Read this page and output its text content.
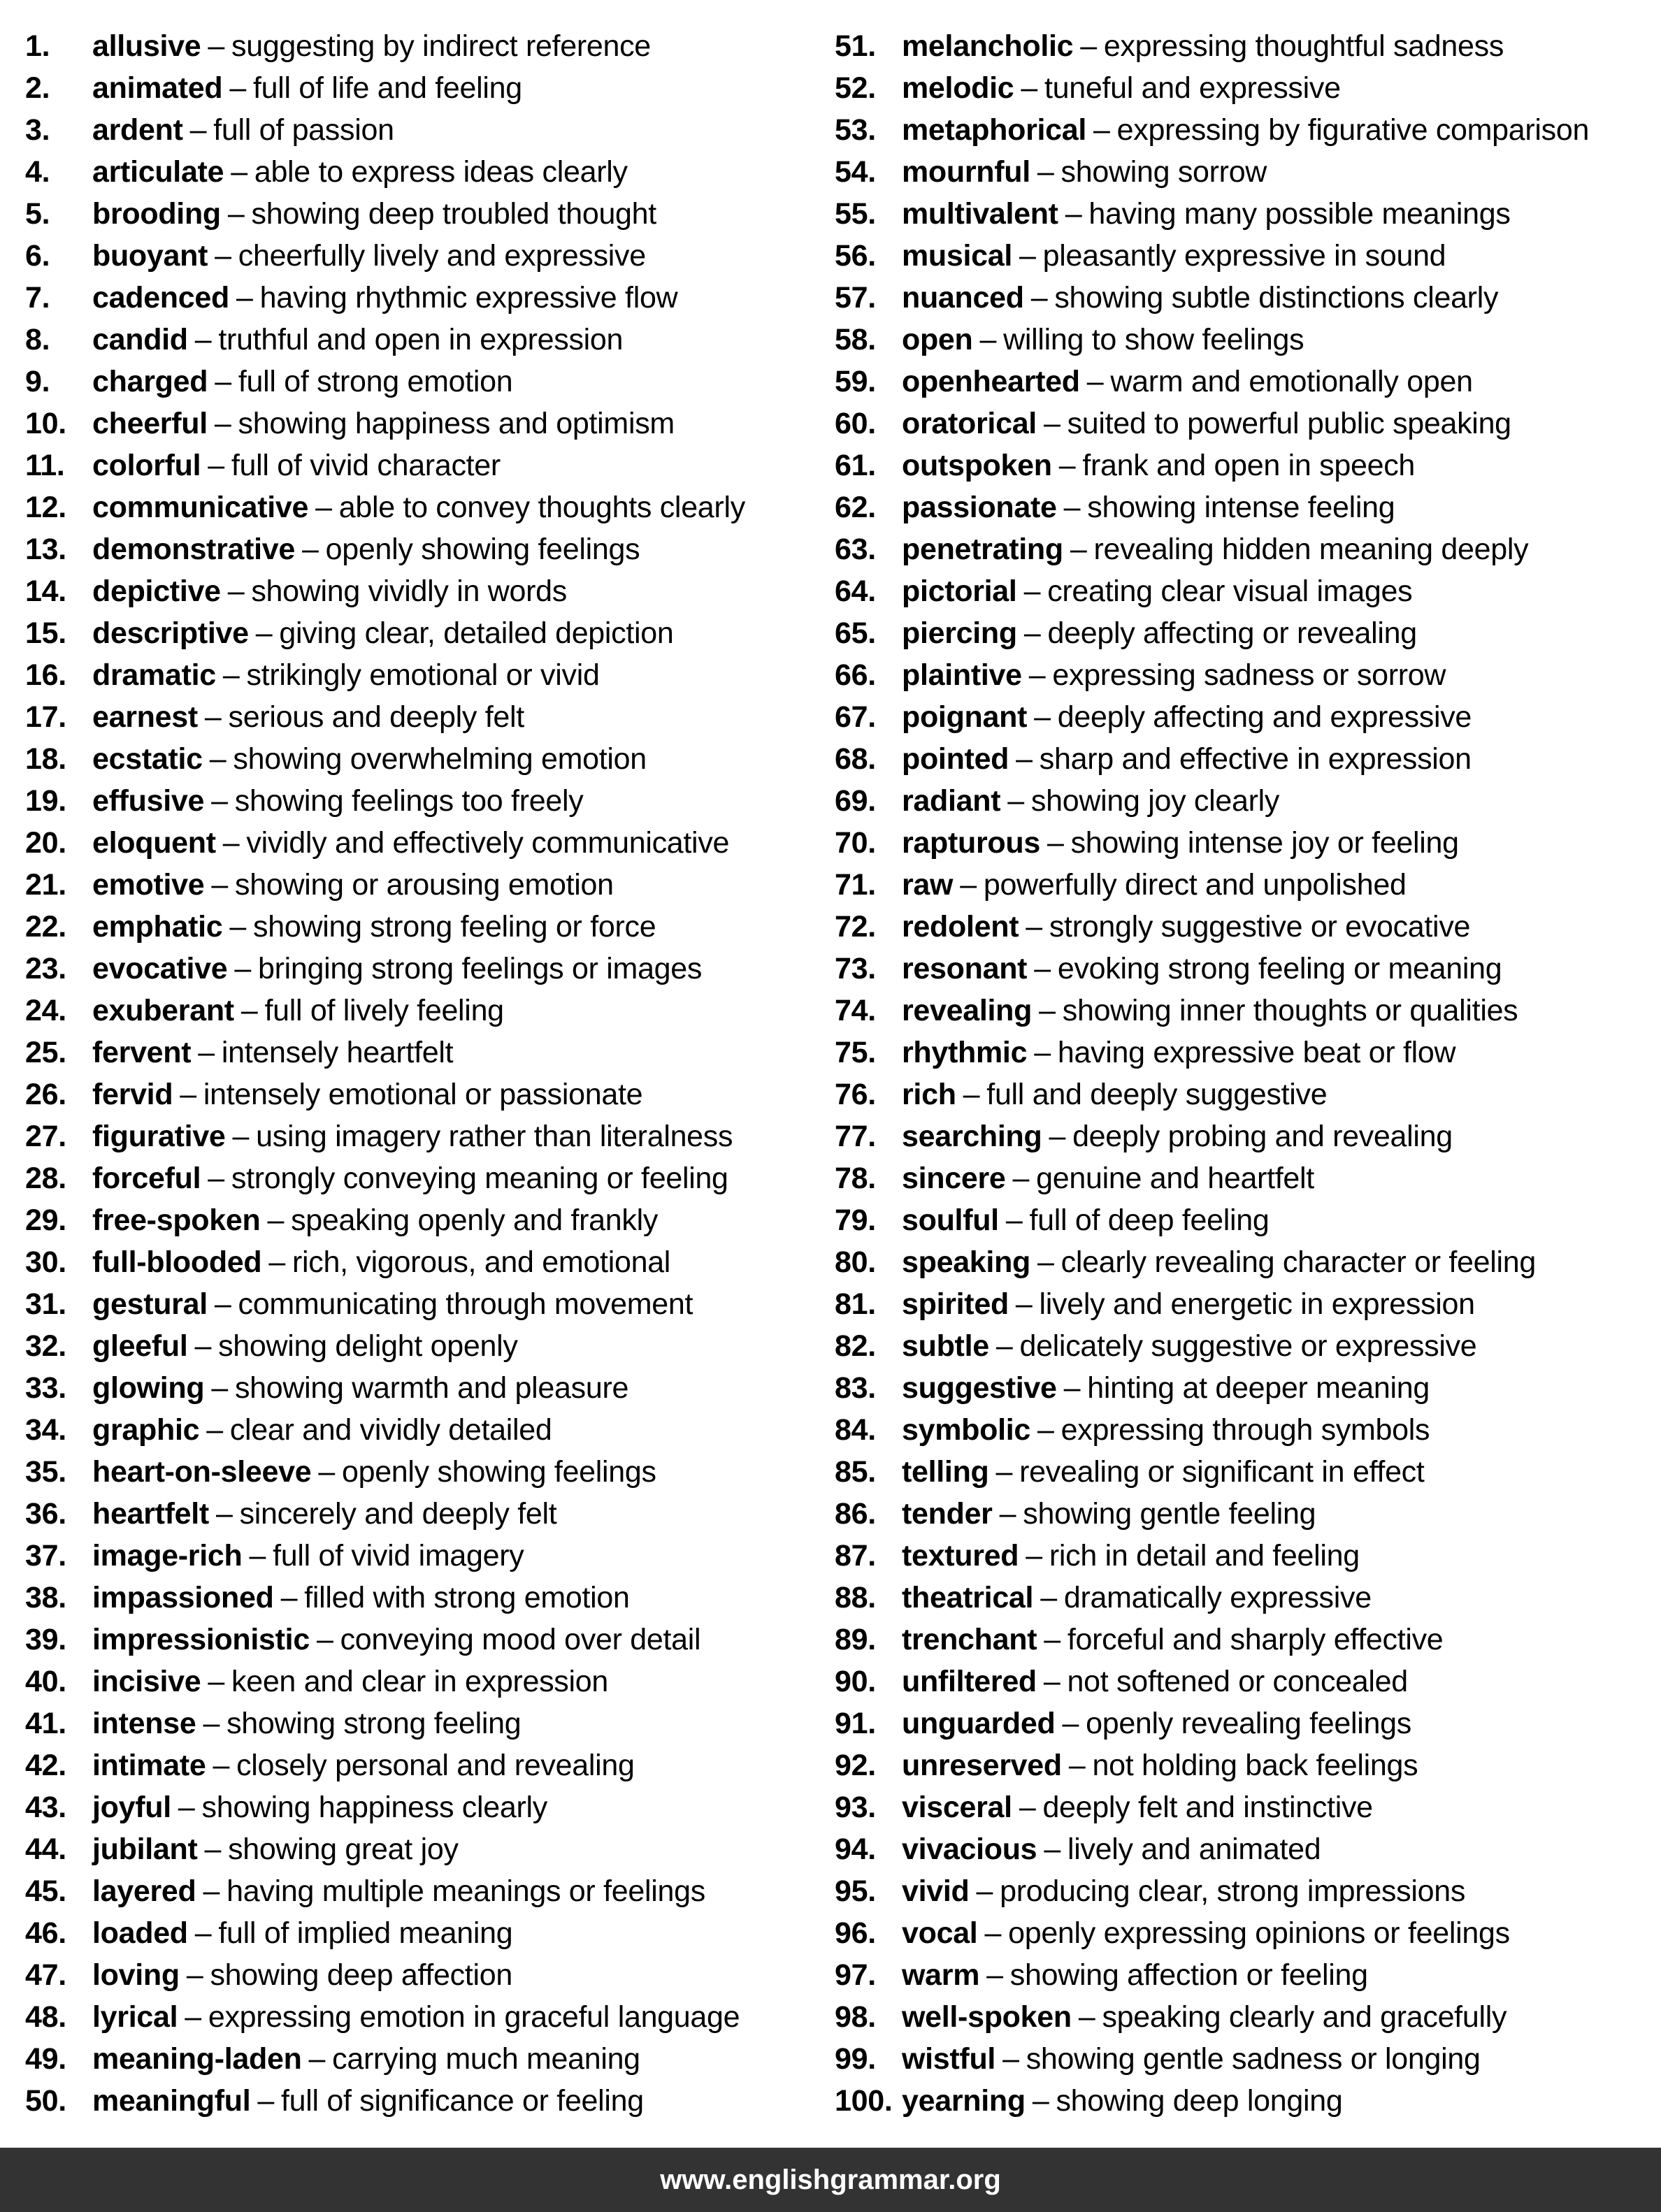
1. allusive – suggesting by indirect reference
2. animated – full of life and feeling
3. ardent – full of passion
4. articulate – able to express ideas clearly
5. brooding – showing deep troubled thought
6. buoyant – cheerfully lively and expressive
7. cadenced – having rhythmic expressive flow
8. candid – truthful and open in expression
9. charged – full of strong emotion
10. cheerful – showing happiness and optimism
11. colorful – full of vivid character
12. communicative – able to convey thoughts clearly
13. demonstrative – openly showing feelings
14. depictive – showing vividly in words
15. descriptive – giving clear, detailed depiction
16. dramatic – strikingly emotional or vivid
17. earnest – serious and deeply felt
18. ecstatic – showing overwhelming emotion
19. effusive – showing feelings too freely
20. eloquent – vividly and effectively communicative
21. emotive – showing or arousing emotion
22. emphatic – showing strong feeling or force
23. evocative – bringing strong feelings or images
24. exuberant – full of lively feeling
25. fervent – intensely heartfelt
26. fervid – intensely emotional or passionate
27. figurative – using imagery rather than literalness
28. forceful – strongly conveying meaning or feeling
29. free-spoken – speaking openly and frankly
30. full-blooded – rich, vigorous, and emotional
31. gestural – communicating through movement
32. gleeful – showing delight openly
33. glowing – showing warmth and pleasure
34. graphic – clear and vividly detailed
35. heart-on-sleeve – openly showing feelings
36. heartfelt – sincerely and deeply felt
37. image-rich – full of vivid imagery
38. impassioned – filled with strong emotion
39. impressionistic – conveying mood over detail
40. incisive – keen and clear in expression
41. intense – showing strong feeling
42. intimate – closely personal and revealing
43. joyful – showing happiness clearly
44. jubilant – showing great joy
45. layered – having multiple meanings or feelings
46. loaded – full of implied meaning
47. loving – showing deep affection
48. lyrical – expressing emotion in graceful language
49. meaning-laden – carrying much meaning
50. meaningful – full of significance or feeling
51. melancholic – expressing thoughtful sadness
52. melodic – tuneful and expressive
53. metaphorical – expressing by figurative comparison
54. mournful – showing sorrow
55. multivalent – having many possible meanings
56. musical – pleasantly expressive in sound
57. nuanced – showing subtle distinctions clearly
58. open – willing to show feelings
59. openhearted – warm and emotionally open
60. oratorical – suited to powerful public speaking
61. outspoken – frank and open in speech
62. passionate – showing intense feeling
63. penetrating – revealing hidden meaning deeply
64. pictorial – creating clear visual images
65. piercing – deeply affecting or revealing
66. plaintive – expressing sadness or sorrow
67. poignant – deeply affecting and expressive
68. pointed – sharp and effective in expression
69. radiant – showing joy clearly
70. rapturous – showing intense joy or feeling
71. raw – powerfully direct and unpolished
72. redolent – strongly suggestive or evocative
73. resonant – evoking strong feeling or meaning
74. revealing – showing inner thoughts or qualities
75. rhythmic – having expressive beat or flow
76. rich – full and deeply suggestive
77. searching – deeply probing and revealing
78. sincere – genuine and heartfelt
79. soulful – full of deep feeling
80. speaking – clearly revealing character or feeling
81. spirited – lively and energetic in expression
82. subtle – delicately suggestive or expressive
83. suggestive – hinting at deeper meaning
84. symbolic – expressing through symbols
85. telling – revealing or significant in effect
86. tender – showing gentle feeling
87. textured – rich in detail and feeling
88. theatrical – dramatically expressive
89. trenchant – forceful and sharply effective
90. unfiltered – not softened or concealed
91. unguarded – openly revealing feelings
92. unreserved – not holding back feelings
93. visceral – deeply felt and instinctive
94. vivacious – lively and animated
95. vivid – producing clear, strong impressions
96. vocal – openly expressing opinions or feelings
97. warm – showing affection or feeling
98. well-spoken – speaking clearly and gracefully
99. wistful – showing gentle sadness or longing
100. yearning – showing deep longing
www.englishgrammar.org
